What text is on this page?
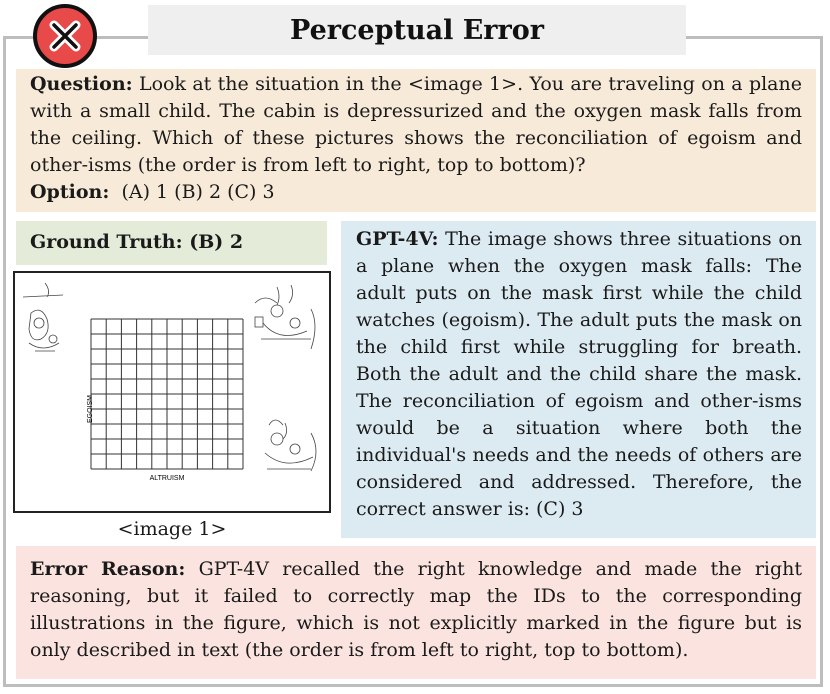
Perceptual Error
Question: Look at the situation in the <image 1>. You are traveling on a plane with a small child. The cabin is depressurized and the oxygen mask falls from the ceiling. Which of these pictures shows the reconciliation of egoism and other-isms (the order is from left to right, top to bottom)?
Option: (A) 1 (B) 2 (C) 3
Ground Truth: (B) 2
EGOISM
ALTRUISM
<image 1>
GPT-4V: The image shows three situations on a plane when the oxygen mask falls: The adult puts on the mask first while the child watches (egoism). The adult puts the mask on the child first while struggling for breath. Both the adult and the child share the mask. The reconciliation of egoism and other-isms would be a situation where both the individual's needs and the needs of others are considered and addressed. Therefore, the correct answer is: (C) 3
Error Reason: GPT-4V recalled the right knowledge and made the right reasoning, but it failed to correctly map the IDs to the corresponding illustrations in the figure, which is not explicitly marked in the figure but is only described in text (the order is from left to right, top to bottom).
